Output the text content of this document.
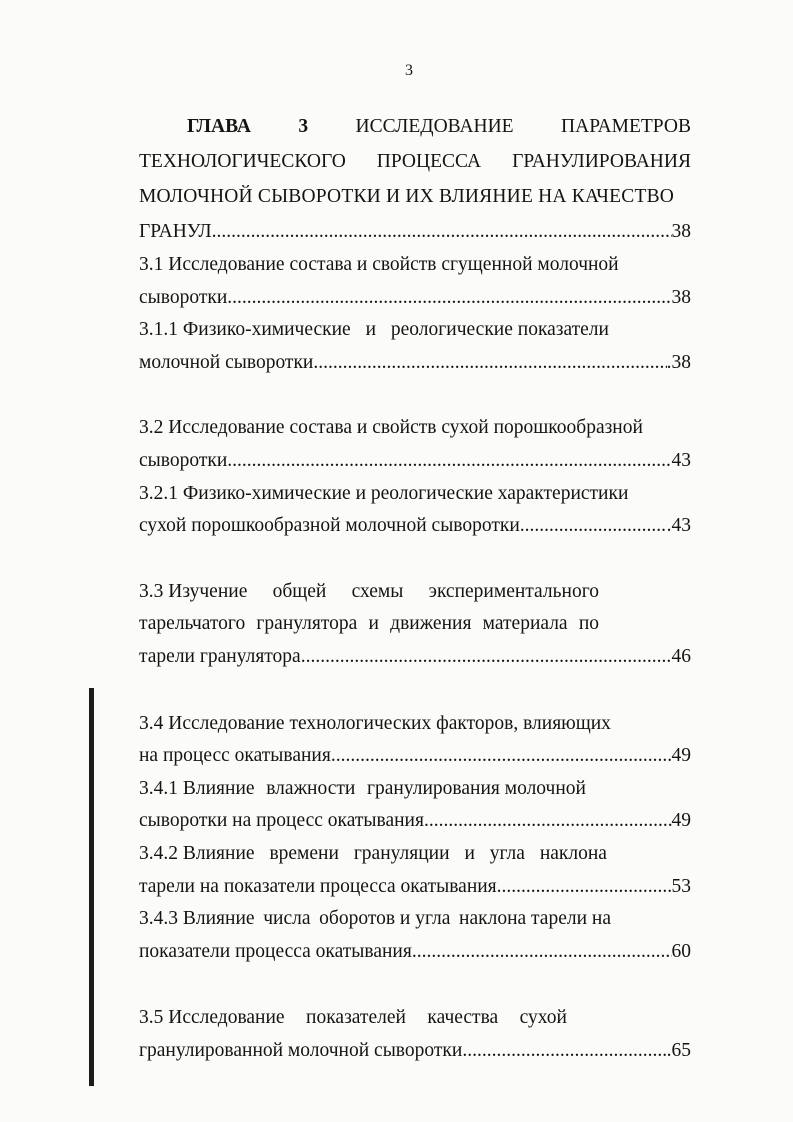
3
ГЛАВА 3 ИССЛЕДОВАНИЕ ПАРАМЕТРОВ
ТЕХНОЛОГИЧЕСКОГО ПРОЦЕССА ГРАНУЛИРОВАНИЯ
МОЛОЧНОЙ СЫВОРОТКИ И ИХ ВЛИЯНИЕ НА КАЧЕСТВО
ГРАНУЛ .....	38
3.1 Исследование состава и свойств сгущенной молочной
сыворотки .....	38
3.1.1 Физико-химические и реологические показатели
молочной сыворотки .....	.38
3.2 Исследование состава и свойств сухой порошкообразной
сыворотки .....	43
3.2.1 Физико-химические и реологические характеристики
сухой порошкообразной молочной сыворотки .....	.43
3.3 Изучение общей схемы экспериментального
тарельчатого гранулятора и движения материала по
тарели гранулятора .....	46
3.4 Исследование технологических факторов, влияющих
на процесс окатывания .....	49
3.4.1 Влияние влажности гранулирования молочной
сыворотки на процесс окатывания .....	49
3.4.2 Влияние времени грануляции и угла наклона
тарели на показатели процесса окатывания .....	53
3.4.3 Влияние числа оборотов и угла наклона тарели на
показатели процесса окатывания .....	60
3.5 Исследование показателей качества сухой
гранулированной молочной сыворотки .....	.65
